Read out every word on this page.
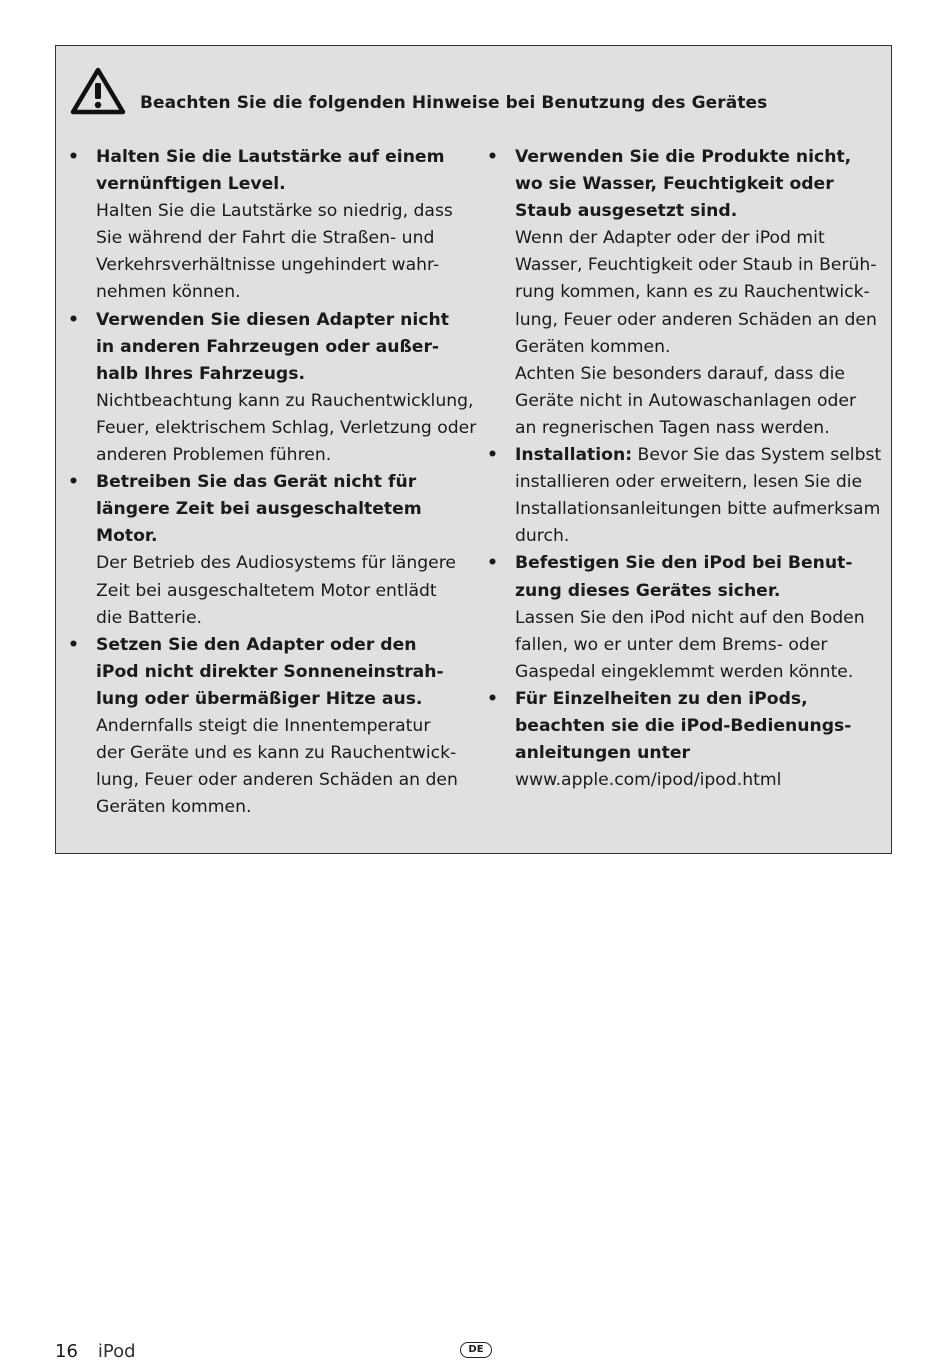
Beachten Sie die folgenden Hinweise bei Benutzung des Gerätes
• Halten Sie die Lautstärke auf einem
vernünftigen Level.
Halten Sie die Lautstärke so niedrig, dass
Sie während der Fahrt die Straßen- und
Verkehrsverhältnisse ungehindert wahr-
nehmen können.
• Verwenden Sie diesen Adapter nicht
in anderen Fahrzeugen oder außer-
halb Ihres Fahrzeugs.
Nichtbeachtung kann zu Rauchentwicklung,
Feuer, elektrischem Schlag, Verletzung oder
anderen Problemen führen.
• Betreiben Sie das Gerät nicht für
längere Zeit bei ausgeschaltetem
Motor.
Der Betrieb des Audiosystems für längere
Zeit bei ausgeschaltetem Motor entlädt
die Batterie.
• Setzen Sie den Adapter oder den
iPod nicht direkter Sonneneinstrah-
lung oder übermäßiger Hitze aus.
Andernfalls steigt die Innentemperatur
der Geräte und es kann zu Rauchentwick-
lung, Feuer oder anderen Schäden an den
Geräten kommen.
• Verwenden Sie die Produkte nicht,
wo sie Wasser, Feuchtigkeit oder
Staub ausgesetzt sind.
Wenn der Adapter oder der iPod mit
Wasser, Feuchtigkeit oder Staub in Berüh-
rung kommen, kann es zu Rauchentwick-
lung, Feuer oder anderen Schäden an den
Geräten kommen.
Achten Sie besonders darauf, dass die
Geräte nicht in Autowaschanlagen oder
an regnerischen Tagen nass werden.
• Installation: Bevor Sie das System selbst
installieren oder erweitern, lesen Sie die
Installationsanleitungen bitte aufmerksam
durch.
• Befestigen Sie den iPod bei Benut-
zung dieses Gerätes sicher.
Lassen Sie den iPod nicht auf den Boden
fallen, wo er unter dem Brems- oder
Gaspedal eingeklemmt werden könnte.
• Für Einzelheiten zu den iPods,
beachten sie die iPod-Bedienungs-
anleitungen unter
www.apple.com/ipod/ipod.html
16 iPod	DE
